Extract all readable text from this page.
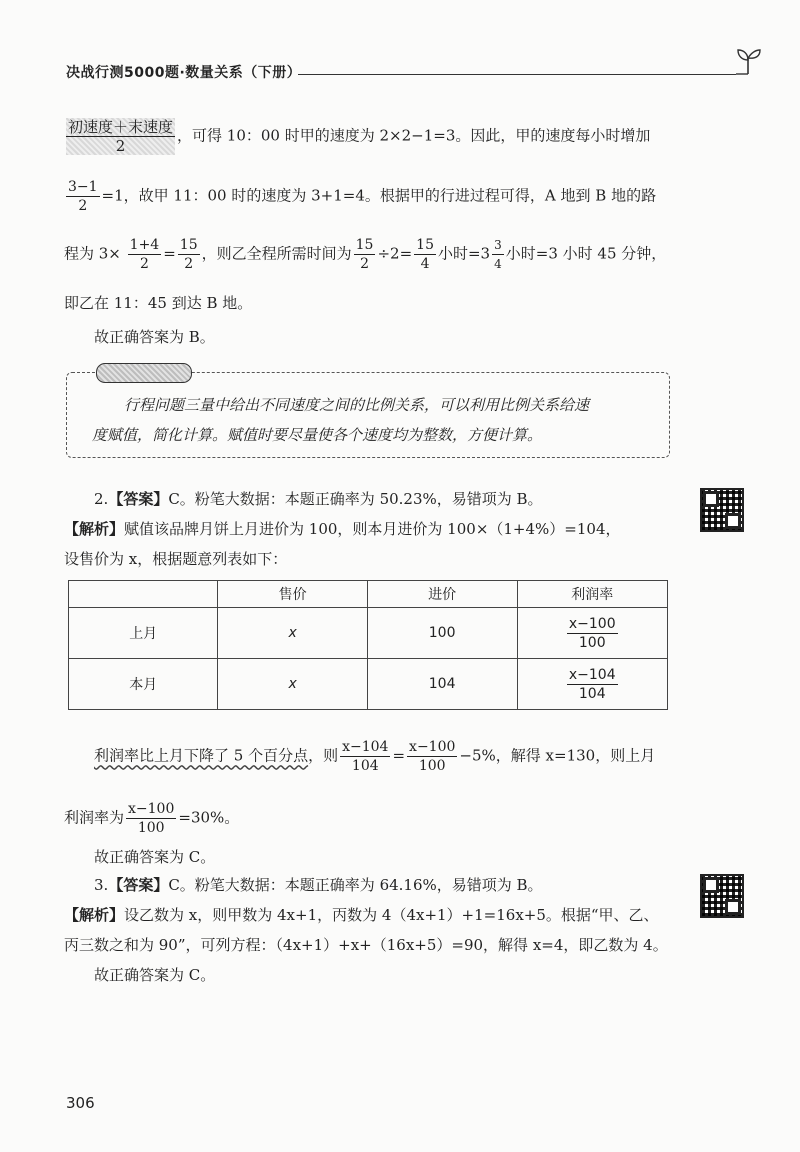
决战行测5000题·数量关系（下册）
$\frac{\text{初速度＋末速度}}{2}$ ，可得 10：00 时甲的速度为 2×2−1=3。因此，甲的速度每小时增加
$\frac{3-1}{2} =1$，故甲 11：00 时的速度为 3+1=4。根据甲的行进过程可得，A 地到 B 地的路
程为 $3\times \frac{1+4}{2} = \frac{15}{2}$ ，则乙全程所需时间为 $\frac{15}{2} \div 2= \frac{15}{4}$ 小时$=3 \frac{3}{4}$ 小时=3 小时 45 分钟，
即乙在 11：45 到达 B 地。
故正确答案为 B。
行程问题三量中给出不同速度之间的比例关系，可以利用比例关系给速
度赋值，简化计算。赋值时要尽量使各个速度均为整数，方便计算。
2.【答案】C。粉笔大数据：本题正确率为 50.23%，易错项为 B。
【解析】赋值该品牌月饼上月进价为 100，则本月进价为 100×（1+4%）=104，
设售价为 x，根据题意列表如下：
	售价	进价	利润率
上月	x	100	$\frac{x-100}{100}$

本月	x	104	$\frac{x-104}{104}$
利润率比上月下降了 5 个百分点，则 $\frac{x-104}{104} = \frac{x-100}{100} -5\%$，解得 x=130，则上月
利润率为 $\frac{x-100}{100} =30\%$。
故正确答案为 C。
3.【答案】C。粉笔大数据：本题正确率为 64.16%，易错项为 B。
【解析】设乙数为 x，则甲数为 4x+1，丙数为 4（4x+1）+1=16x+5。根据“甲、乙、
丙三数之和为 90”，可列方程：（4x+1）+x+（16x+5）=90，解得 x=4，即乙数为 4。
故正确答案为 C。
306
